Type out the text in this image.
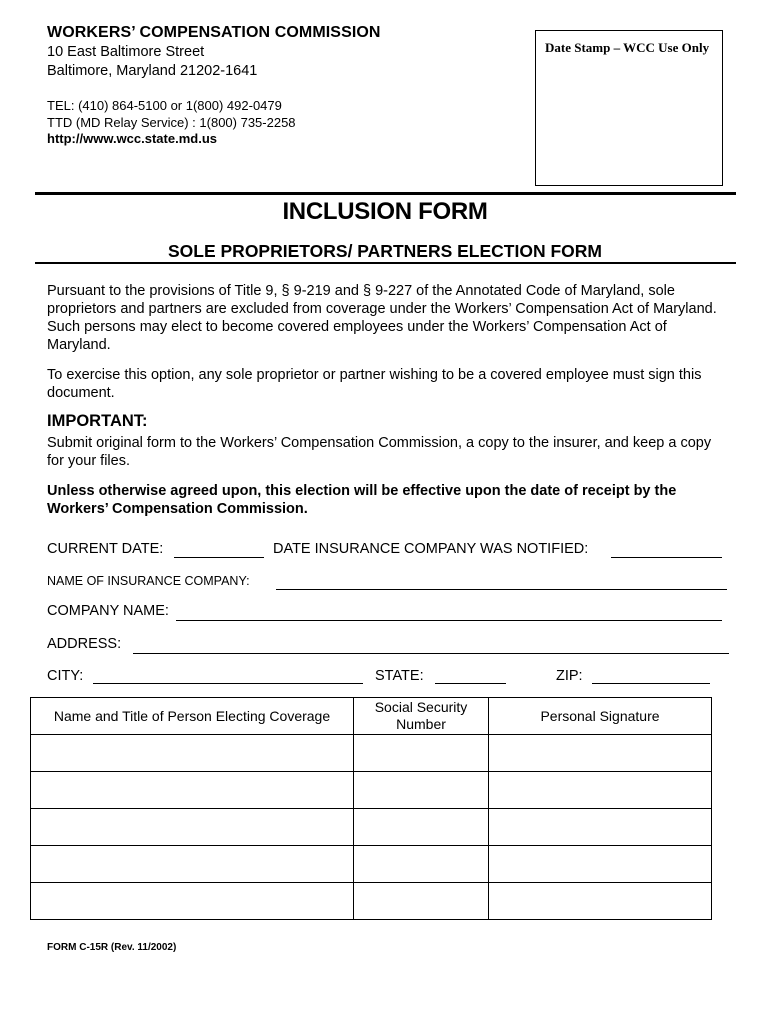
WORKERS’ COMPENSATION COMMISSION
10 East Baltimore Street
Baltimore, Maryland 21202-1641
TEL: (410) 864-5100 or 1(800) 492-0479
TTD (MD Relay Service) : 1(800) 735-2258
http://www.wcc.state.md.us
Date Stamp – WCC Use Only
INCLUSION FORM
SOLE PROPRIETORS/ PARTNERS ELECTION FORM
Pursuant to the provisions of Title 9, § 9-219 and § 9-227 of the Annotated Code of Maryland, sole proprietors and partners are excluded from coverage under the Workers’ Compensation Act of Maryland. Such persons may elect to become covered employees under the Workers’ Compensation Act of Maryland.
To exercise this option, any sole proprietor or partner wishing to be a covered employee must sign this document.
IMPORTANT:
Submit original form to the Workers’ Compensation Commission, a copy to the insurer, and keep a copy for your files.
Unless otherwise agreed upon, this election will be effective upon the date of receipt by the Workers’ Compensation Commission.
CURRENT DATE:	DATE INSURANCE COMPANY WAS NOTIFIED:
NAME OF INSURANCE COMPANY:
COMPANY NAME:
ADDRESS:
CITY:	STATE:	ZIP:
Name and Title of Person Electing Coverage	Social Security Number	Personal Signature

FORM C-15R (Rev. 11/2002)
